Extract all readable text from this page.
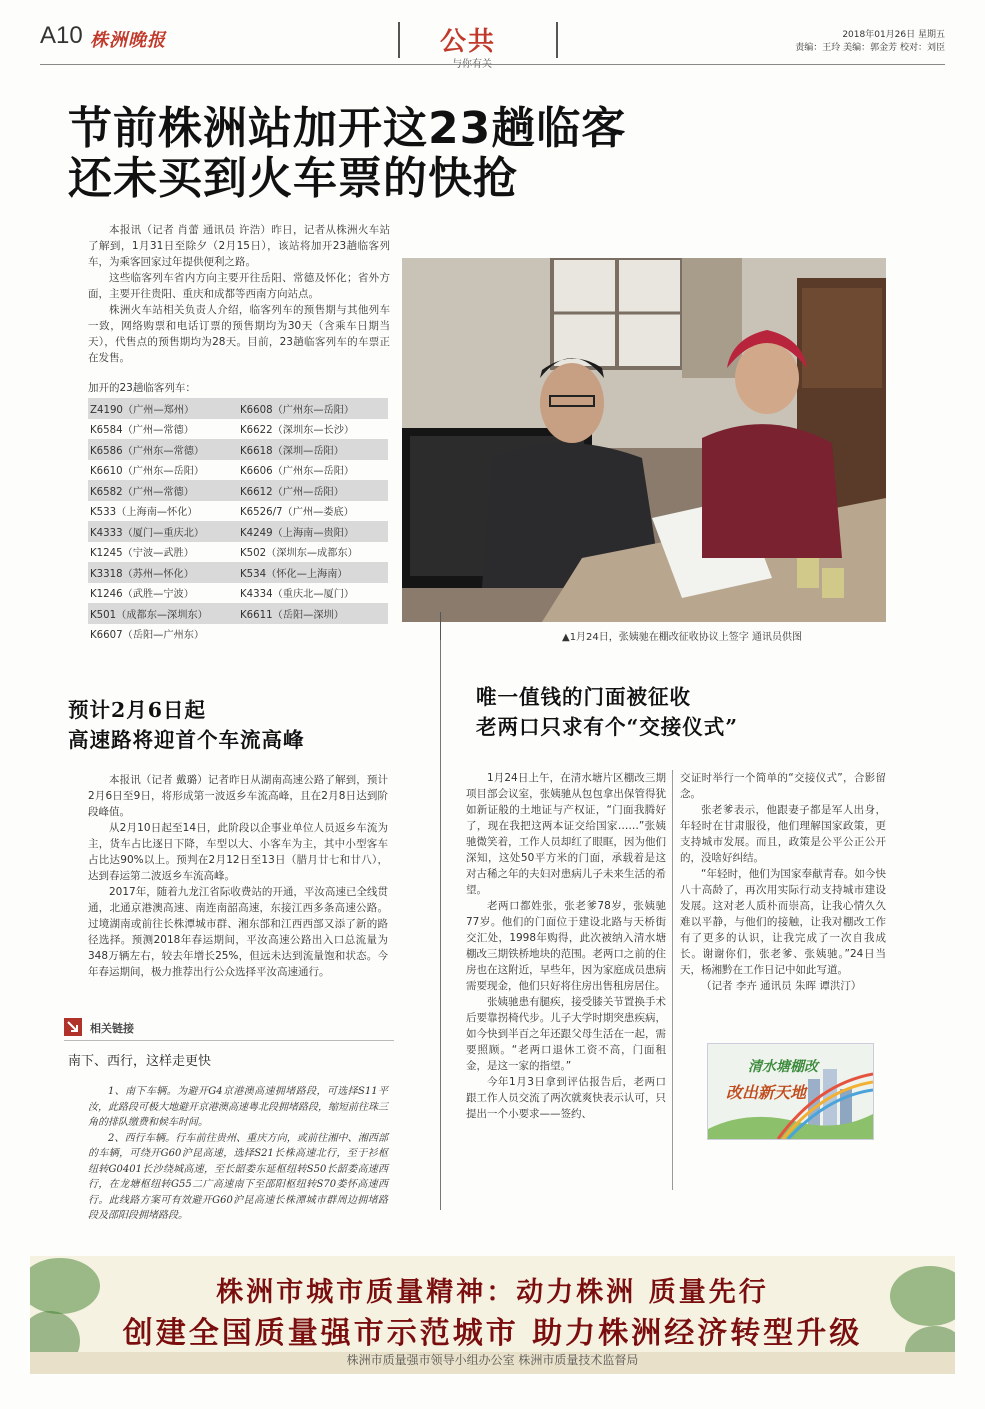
A10 株洲晚报	公共	2018年01月26日 星期五
责编：王玲 美编：郭金芳 校对：刘臣
节前株洲站加开这23趟临客
还未买到火车票的快抢

本报讯（记者 肖蕾 通讯员 许浩）昨日，记者从株洲火车站了解到，1月31日至除夕（2月15日），该站将加开23趟临客列车，为乘客回家过年提供便利之路。

这些临客列车省内方向主要开往岳阳、常德及怀化；省外方面，主要开往贵阳、重庆和成都等西南方向站点。

株洲火车站相关负责人介绍，临客列车的预售期与其他列车一致，网络购票和电话订票的预售期均为30天（含乘车日期当天），代售点的预售期均为28天。目前，23趟临客列车的车票正在发售。

加开的23趟临客列车：
Z4190（广州—郑州）	K6608（广州东—岳阳）
K6584（广州—常德）	K6622（深圳东—长沙）
K6586（广州东—常德）	K6618（深圳—岳阳）
K6610（广州东—岳阳）	K6606（广州东—岳阳）
K6582（广州—常德）	K6612（广州—岳阳）
K533（上海南—怀化）	K6526/7（广州—娄底）
K4333（厦门—重庆北）	K4249（上海南—贵阳）
K1245（宁波—武胜）	K502（深圳东—成都东）
K3318（苏州—怀化）	K534（怀化—上海南）
K1246（武胜—宁波）	K4334（重庆北—厦门）
K501（成都东—深圳东）	K6611（岳阳—深圳）
K6607（岳阳—广州东）		▲1月24日，张姨驰在棚改征收协议上签字 通讯员供图
预计2月6日起
高速路将迎首个车流高峰

本报讯（记者 戴璐）记者昨日从湖南高速公路了解到，预计2月6日至9日，将形成第一波返乡车流高峰，且在2月8日达到阶段峰值。

从2月10日起至14日，此阶段以企事业单位人员返乡车流为主，货车占比逐日下降，车型以大、小客车为主，其中小型客车占比达90%以上。预判在2月12日至13日（腊月廿七和廿八），达到春运第二波返乡车流高峰。

2017年，随着九龙江省际收费站的开通，平汝高速已全线贯通，北通京港澳高速、南连南韶高速，东接江西多条高速公路。过境湖南或前往长株潭城市群、湘东部和江西西部又添了新的路径选择。预测2018年春运期间，平汝高速公路出入口总流量为348万辆左右，较去年增长25%，但远未达到流量饱和状态。今年春运期间，极力推荐出行公众选择平汝高速通行。

相关链接
南下、西行，这样走更快

1、南下车辆。为避开G4京港澳高速拥堵路段，可选择S11平汝，此路段可极大地避开京港澳高速粤北段拥堵路段，缩短前往珠三角的排队缴费和候车时间。

2、西行车辆。行车前往贵州、重庆方向，或前往湘中、湘西部的车辆，可绕开G60沪昆高速，选择S21长株高速北行，至于衫枢纽转G0401长沙绕城高速，至长韶娄东延枢纽转S50长韶娄高速西行，在龙塘枢纽转G55二广高速南下至邵阳枢纽转S70娄怀高速西行。此线路方案可有效避开G60沪昆高速长株潭城市群周边拥堵路段及邵阳段拥堵路段。

唯一值钱的门面被征收
老两口只求有个“交接仪式”

1月24日上午，在清水塘片区棚改三期项目部会议室，张姨驰从包包拿出保管得犹如新证般的土地证与产权证，“门面我腾好了，现在我把这两本证交给国家……”张姨驰微笑着，工作人员却红了眼眶，因为他们深知，这处50平方米的门面，承载着是这对古稀之年的夫妇对患病儿子未来生活的希望。

老两口都姓张，张老爹78岁，张姨驰77岁。他们的门面位于建设北路与天桥街交汇处，1998年购得，此次被纳入清水塘棚改三期铁桥地块的范围。老两口之前的住房也在这附近，早些年，因为家庭成员患病需要现金，他们只好将住房出售租房居住。

张姨驰患有腿疾，接受膝关节置换手术后要靠拐椅代步。儿子大学时期突患疾病，如今快到半百之年还跟父母生活在一起，需要照顾。“老两口退休工资不高，门面租金，是这一家的指望。”

今年1月3日拿到评估报告后，老两口跟工作人员交流了两次就爽快表示认可，只提出一个小要求——签约、

交证时举行一个简单的“交接仪式”，合影留念。

张老爹表示，他跟妻子都是军人出身，年轻时在甘肃服役，他们理解国家政策，更支持城市发展。而且，政策是公平公正公开的，没啥好纠结。

“年轻时，他们为国家奉献青春。如今快八十高龄了，再次用实际行动支持城市建设发展。这对老人质朴而崇高，让我心情久久难以平静，与他们的接触，让我对棚改工作有了更多的认识，让我完成了一次自我成长。谢谢你们，张老爹、张姨驰。”24日当天，杨湘黔在工作日记中如此写道。

（记者 李卉 通讯员 朱晖 谭洪汀）

清水塘棚改
改出新天地
株洲市城市质量精神：动力株洲 质量先行
创建全国质量强市示范城市 助力株洲经济转型升级
株洲市质量强市领导小组办公室 株洲市质量技术监督局
